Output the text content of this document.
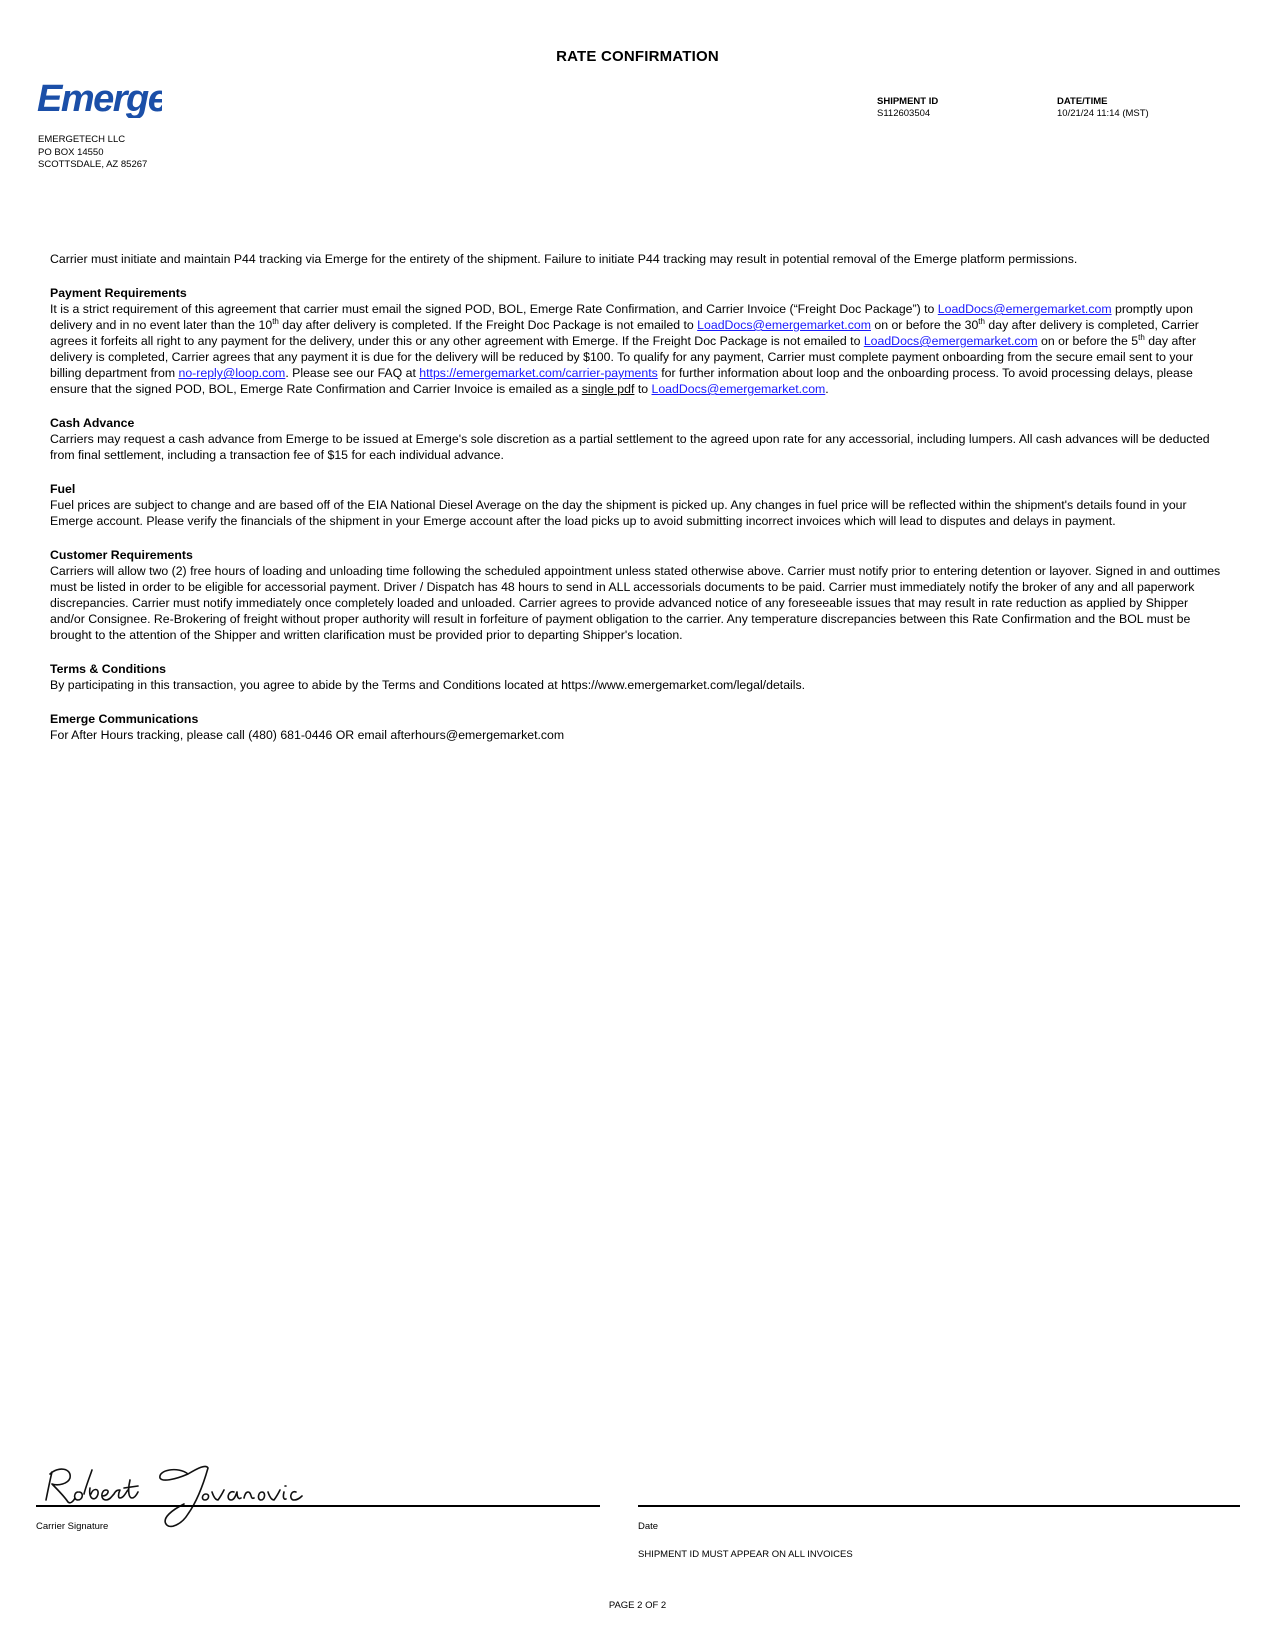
RATE CONFIRMATION
Emerge
EMERGETECH LLC
PO BOX 14550
SCOTTSDALE, AZ 85267
SHIPMENT ID
S112603504
DATE/TIME
10/21/24 11:14 (MST)

Carrier must initiate and maintain P44 tracking via Emerge for the entirety of the shipment. Failure to initiate P44 tracking may result in potential removal of the Emerge platform permissions.

Payment Requirements

It is a strict requirement of this agreement that carrier must email the signed POD, BOL, Emerge Rate Confirmation, and Carrier Invoice (“Freight Doc Package”) to LoadDocs@emergemarket.com promptly upon delivery and in no event later than the 10th day after delivery is completed. If the Freight Doc Package is not emailed to LoadDocs@emergemarket.com on or before the 30th day after delivery is completed, Carrier agrees it forfeits all right to any payment for the delivery, under this or any other agreement with Emerge. If the Freight Doc Package is not emailed to LoadDocs@emergemarket.com on or before the 5th day after delivery is completed, Carrier agrees that any payment it is due for the delivery will be reduced by $100. To qualify for any payment, Carrier must complete payment onboarding from the secure email sent to your billing department from no-reply@loop.com. Please see our FAQ at https://emergemarket.com/carrier-payments for further information about loop and the onboarding process. To avoid processing delays, please ensure that the signed POD, BOL, Emerge Rate Confirmation and Carrier Invoice is emailed as a single pdf to LoadDocs@emergemarket.com.

Cash Advance

Carriers may request a cash advance from Emerge to be issued at Emerge's sole discretion as a partial settlement to the agreed upon rate for any accessorial, including lumpers. All cash advances will be deducted from final settlement, including a transaction fee of $15 for each individual advance.

Fuel

Fuel prices are subject to change and are based off of the EIA National Diesel Average on the day the shipment is picked up. Any changes in fuel price will be reflected within the shipment's details found in your Emerge account. Please verify the financials of the shipment in your Emerge account after the load picks up to avoid submitting incorrect invoices which will lead to disputes and delays in payment.

Customer Requirements

Carriers will allow two (2) free hours of loading and unloading time following the scheduled appointment unless stated otherwise above. Carrier must notify prior to entering detention or layover. Signed in and outtimes must be listed in order to be eligible for accessorial payment. Driver / Dispatch has 48 hours to send in ALL accessorials documents to be paid. Carrier must immediately notify the broker of any and all paperwork discrepancies. Carrier must notify immediately once completely loaded and unloaded. Carrier agrees to provide advanced notice of any foreseeable issues that may result in rate reduction as applied by Shipper and/or Consignee. Re-Brokering of freight without proper authority will result in forfeiture of payment obligation to the carrier. Any temperature discrepancies between this Rate Confirmation and the BOL must be brought to the attention of the Shipper and written clarification must be provided prior to departing Shipper's location.

Terms & Conditions

By participating in this transaction, you agree to abide by the Terms and Conditions located at https://www.emergemarket.com/legal/details.

Emerge Communications

For After Hours tracking, please call (480) 681-0446 OR email afterhours@emergemarket.com

Carrier Signature	Date
SHIPMENT ID MUST APPEAR ON ALL INVOICES
PAGE 2 OF 2
